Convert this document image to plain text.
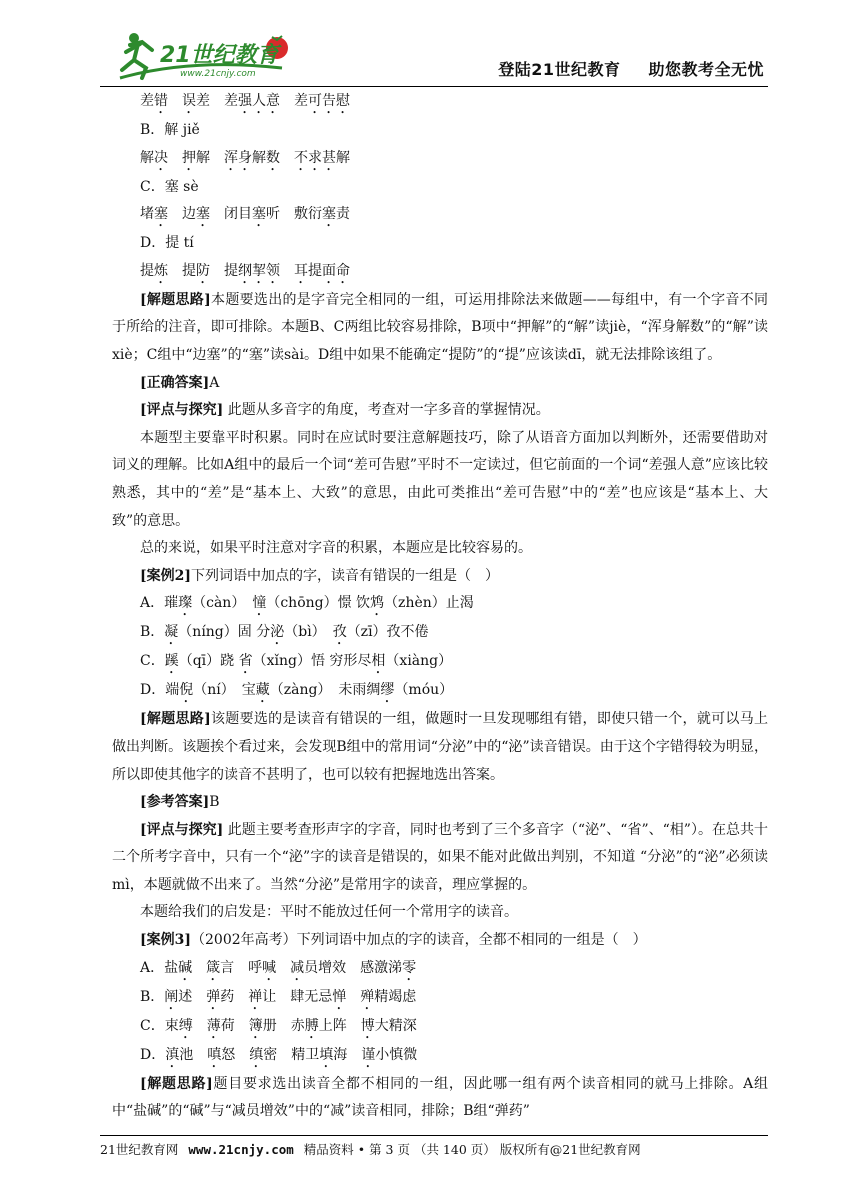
21世纪教育
www.21cnjy.com	登陆21世纪教育 助您教考全无忧
差错　误差　 差强人意　差可告慰
B．解 jiě
解决　押解　浑身解数　不求甚解
C．塞 sè
堵塞　边塞　闭目塞听　敷衍塞责
D．提 tí
提炼　提防　提纲挈领　耳提面命
[解题思路]本题要选出的是字音完全相同的一组，可运用排除法来做题——每组中，有一个字音不同于所给的注音，即可排除。本题B、C两组比较容易排除，B项中“押解”的“解”读jiè，“浑身解数”的“解”读xiè；C组中“边塞”的“塞”读sài。D组中如果不能确定“提防”的“提”应该读dī，就无法排除该组了。
[正确答案]A
[评点与探究] 此题从多音字的角度，考查对一字多音的掌握情况。
本题型主要靠平时积累。同时在应试时要注意解题技巧，除了从语音方面加以判断外，还需要借助对词义的理解。比如A组中的最后一个词“差可告慰”平时不一定读过，但它前面的一个词“差强人意”应该比较熟悉，其中的“差”是“基本上、大致”的意思，由此可类推出“差可告慰”中的“差”也应该是“基本上、大致”的意思。
总的来说，如果平时注意对字音的积累，本题应是比较容易的。
[案例2]下列词语中加点的字，读音有错误的一组是（　）
A．璀璨（càn）　憧（chōng）憬 饮鸩（zhèn）止渴
B．凝（níng）固 分泌（bì）　孜（zī）孜不倦
C．蹊（qī）跷 省（xǐng）悟 穷形尽相（xiàng）
D．端倪（ní）　宝藏（zàng）　未雨绸缪（móu）
[解题思路]该题要选的是读音有错误的一组，做题时一旦发现哪组有错，即使只错一个，就可以马上做出判断。该题挨个看过来，会发现B组中的常用词“分泌”中的“泌”读音错误。由于这个字错得较为明显，所以即使其他字的读音不甚明了，也可以较有把握地选出答案。
[参考答案]B
[评点与探究] 此题主要考查形声字的字音，同时也考到了三个多音字（“泌”、“省”、“相”）。在总共十二个所考字音中，只有一个“泌”字的读音是错误的，如果不能对此做出判别，不知道 “分泌”的“泌”必须读mì，本题就做不出来了。当然“分泌”是常用字的读音，理应掌握的。
本题给我们的启发是：平时不能放过任何一个常用字的读音。
[案例3]（2002年高考）下列词语中加点的字的读音，全都不相同的一组是（　）
A．盐碱　 箴言　呼喊　 减员增效　感激涕零
B．阐述　弹药　禅让　肆无忌惮　 殚精竭虑
C．束缚　 薄荷　簿册　赤膊上阵　博大精深
D．滇池　嗔怒　缜密　精卫填海　谨小慎微
[解题思路]题目要求选出读音全都不相同的一组，因此哪一组有两个读音相同的就马上排除。A组中“盐碱”的“碱”与“减员增效”中的“减”读音相同，排除；B组“弹药”
21世纪教育网 www.21cnjy.com 精品资料 • 第 3 页 （共 140 页） 版权所有@21世纪教育网
